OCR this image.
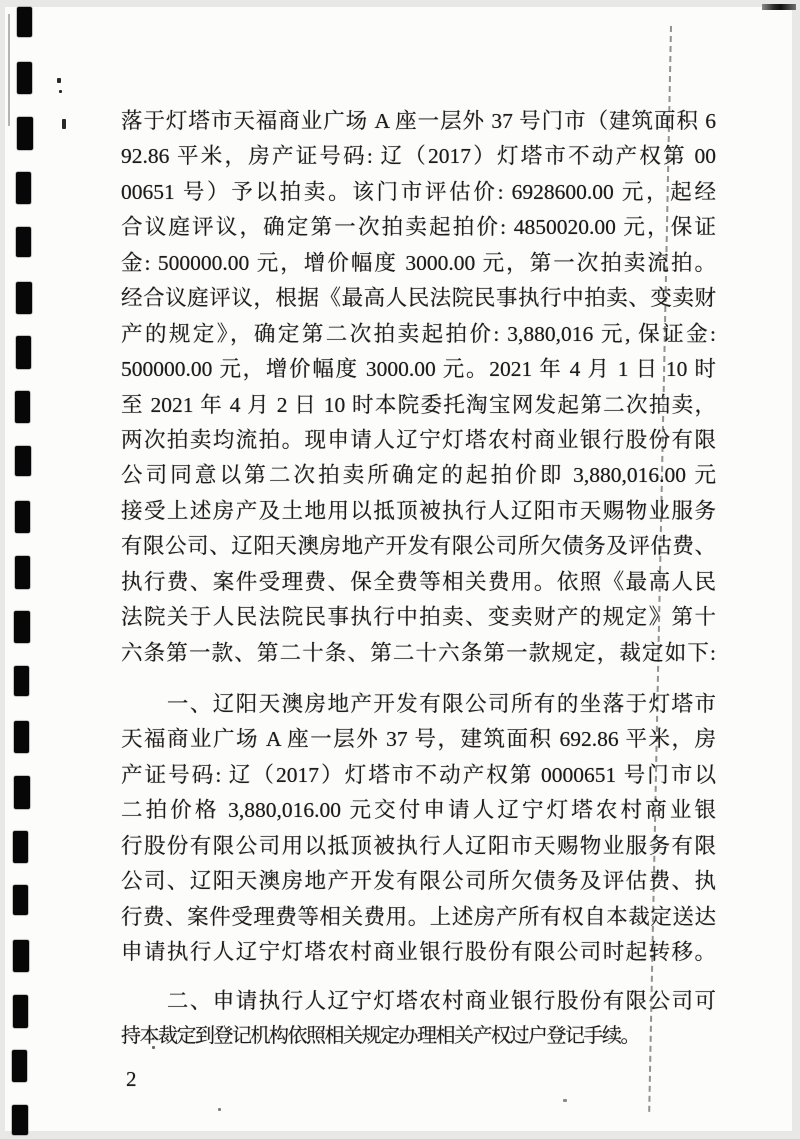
落于灯塔市天福商业广场 A 座一层外 37 号门市（建筑面积 6
92.86 平米，房产证号码: 辽（2017）灯塔市不动产权第 00
00651 号）予以拍卖。该门市评估价: 6928600.00 元，起经
合议庭评议，确定第一次拍卖起拍价: 4850020.00 元，保证
金: 500000.00 元，增价幅度 3000.00 元，第一次拍卖流拍。
经合议庭评议，根据《最高人民法院民事执行中拍卖、变卖财
产的规定》，确定第二次拍卖起拍价: 3,880,016 元, 保证金:
500000.00 元，增价幅度 3000.00 元。2021 年 4 月 1 日 10 时
至 2021 年 4 月 2 日 10 时本院委托淘宝网发起第二次拍卖，
两次拍卖均流拍。现申请人辽宁灯塔农村商业银行股份有限
公司同意以第二次拍卖所确定的起拍价即 3,880,016.00 元
接受上述房产及土地用以抵顶被执行人辽阳市天赐物业服务
有限公司、辽阳天澳房地产开发有限公司所欠债务及评估费、
执行费、案件受理费、保全费等相关费用。依照《最高人民
法院关于人民法院民事执行中拍卖、变卖财产的规定》第十
六条第一款、第二十条、第二十六条第一款规定，裁定如下:
　　一、辽阳天澳房地产开发有限公司所有的坐落于灯塔市
天福商业广场 A 座一层外 37 号，建筑面积 692.86 平米，房
产证号码: 辽（2017）灯塔市不动产权第 0000651 号门市以
二拍价格 3,880,016.00 元交付申请人辽宁灯塔农村商业银
行股份有限公司用以抵顶被执行人辽阳市天赐物业服务有限
公司、辽阳天澳房地产开发有限公司所欠债务及评估费、执
行费、案件受理费等相关费用。上述房产所有权自本裁定送达
申请执行人辽宁灯塔农村商业银行股份有限公司时起转移。
　　二、申请执行人辽宁灯塔农村商业银行股份有限公司可
持本裁定到登记机构依照相关规定办理相关产权过户登记手续。
2
